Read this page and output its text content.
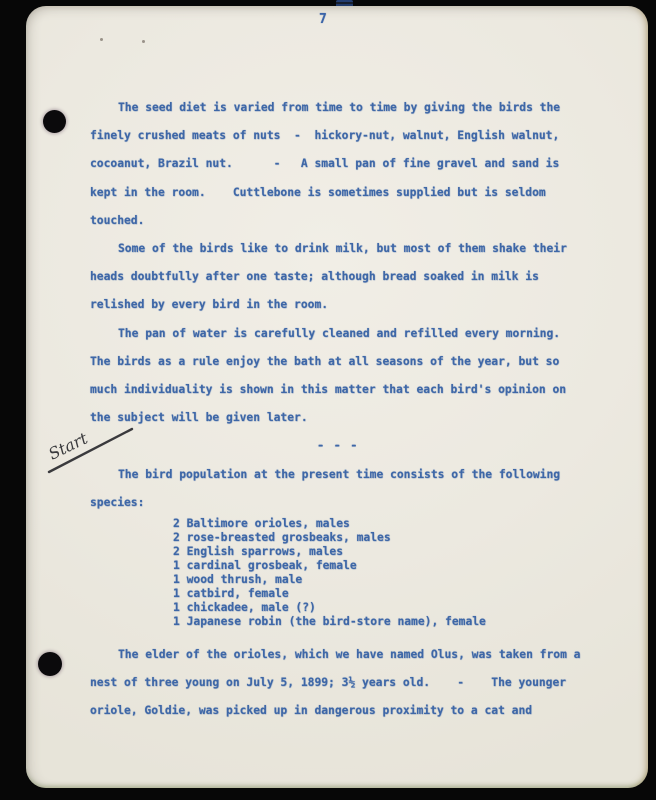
7
The seed diet is varied from time to time by giving the birds the
finely crushed meats of nuts  -  hickory-nut, walnut, English walnut,
cocoanut, Brazil nut.      -   A small pan of fine gravel and sand is
kept in the room.    Cuttlebone is sometimes supplied but is seldom
touched.
Some of the birds like to drink milk, but most of them shake their
heads doubtfully after one taste; although bread soaked in milk is
relished by every bird in the room.
The pan of water is carefully cleaned and refilled every morning.
The birds as a rule enjoy the bath at all seasons of the year, but so
much individuality is shown in this matter that each bird's opinion on
the subject will be given later.
- - -
The bird population at the present time consists of the following
species:
2 Baltimore orioles, males
2 rose-breasted grosbeaks, males
2 English sparrows, males
1 cardinal grosbeak, female
1 wood thrush, male
1 catbird, female
1 chickadee, male (?)
1 Japanese robin (the bird-store name), female
The elder of the orioles, which we have named Olus, was taken from a
nest of three young on July 5, 1899; 3½ years old.    -    The younger
oriole, Goldie, was picked up in dangerous proximity to a cat and
Start
